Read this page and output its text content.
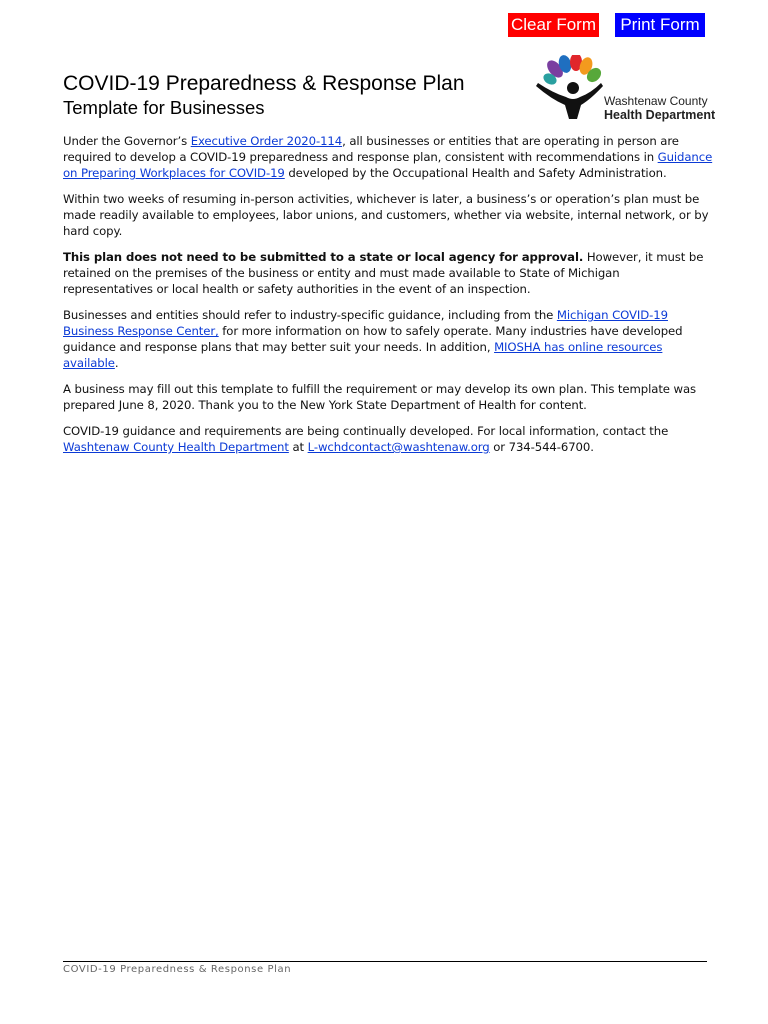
Clear Form	Print Form
COVID-19 Preparedness & Response Plan
Template for Businesses	Washtenaw County
Health Department

Under the Governor’s Executive Order 2020-114, all businesses or entities that are operating in person are required to develop a COVID-19 preparedness and response plan, consistent with recommendations in Guidance on Preparing Workplaces for COVID-19 developed by the Occupational Health and Safety Administration.

Within two weeks of resuming in-person activities, whichever is later, a business’s or operation’s plan must be made readily available to employees, labor unions, and customers, whether via website, internal network, or by hard copy.

This plan does not need to be submitted to a state or local agency for approval. However, it must be retained on the premises of the business or entity and must made available to State of Michigan representatives or local health or safety authorities in the event of an inspection.

Businesses and entities should refer to industry-specific guidance, including from the Michigan COVID-19 Business Response Center, for more information on how to safely operate. Many industries have developed guidance and response plans that may better suit your needs. In addition, MIOSHA has online resources available.

A business may fill out this template to fulfill the requirement or may develop its own plan. This template was prepared June 8, 2020. Thank you to the New York State Department of Health for content.

COVID-19 guidance and requirements are being continually developed. For local information, contact the Washtenaw County Health Department at L-wchdcontact@washtenaw.org or 734-544-6700.

COVID-19 Preparedness & Response Plan
